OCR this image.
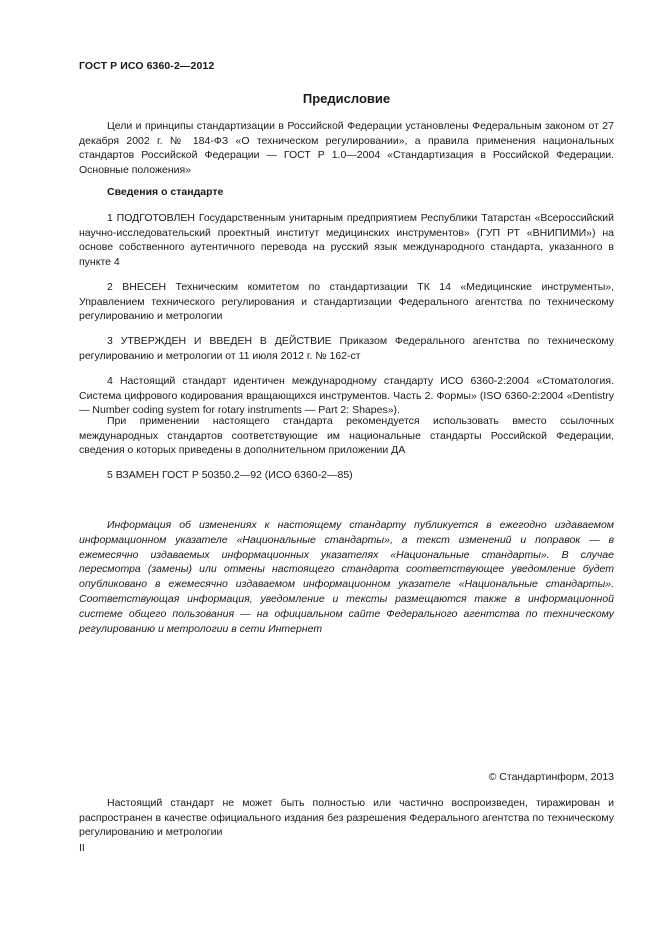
ГОСТ Р ИСО 6360-2—2012
Предисловие

Цели и принципы стандартизации в Российской Федерации установлены Федеральным законом от 27 декабря 2002 г. № 184-ФЗ «О техническом регулировании», а правила применения национальных стандартов Российской Федерации — ГОСТ Р 1.0—2004 «Стандартизация в Российской Федерации. Основные положения»

Сведения о стандарте

1 ПОДГОТОВЛЕН Государственным унитарным предприятием Республики Татарстан «Всероссийский научно-исследовательский проектный институт медицинских инструментов» (ГУП РТ «ВНИПИМИ») на основе собственного аутентичного перевода на русский язык международного стандарта, указанного в пункте 4

2 ВНЕСЕН Техническим комитетом по стандартизации ТК 14 «Медицинские инструменты», Управлением технического регулирования и стандартизации Федерального агентства по техническому регулированию и метрологии

3 УТВЕРЖДЕН И ВВЕДЕН В ДЕЙСТВИЕ Приказом Федерального агентства по техническому регулированию и метрологии от 11 июля 2012 г. № 162-ст

4 Настоящий стандарт идентичен международному стандарту ИСО 6360-2:2004 «Стоматология. Система цифрового кодирования вращающихся инструментов. Часть 2. Формы» (ISO 6360-2:2004 «Dentistry — Number coding system for rotary instruments — Part 2: Shapes»).

При применении настоящего стандарта рекомендуется использовать вместо ссылочных международных стандартов соответствующие им национальные стандарты Российской Федерации, сведения о которых приведены в дополнительном приложении ДА

5 ВЗАМЕН ГОСТ Р 50350.2—92 (ИСО 6360-2—85)

Информация об изменениях к настоящему стандарту публикуется в ежегодно издаваемом информационном указателе «Национальные стандарты», а текст изменений и поправок — в ежемесячно издаваемых информационных указателях «Национальные стандарты». В случае пересмотра (замены) или отмены настоящего стандарта соответствующее уведомление будет опубликовано в ежемесячно издаваемом информационном указателе «Национальные стандарты». Соответствующая информация, уведомление и тексты размещаются также в информационной системе общего пользования — на официальном сайте Федерального агентства по техническому регулированию и метрологии в сети Интернет

© Стандартинформ, 2013

Настоящий стандарт не может быть полностью или частично воспроизведен, тиражирован и распространен в качестве официального издания без разрешения Федерального агентства по техническому регулированию и метрологии

II
